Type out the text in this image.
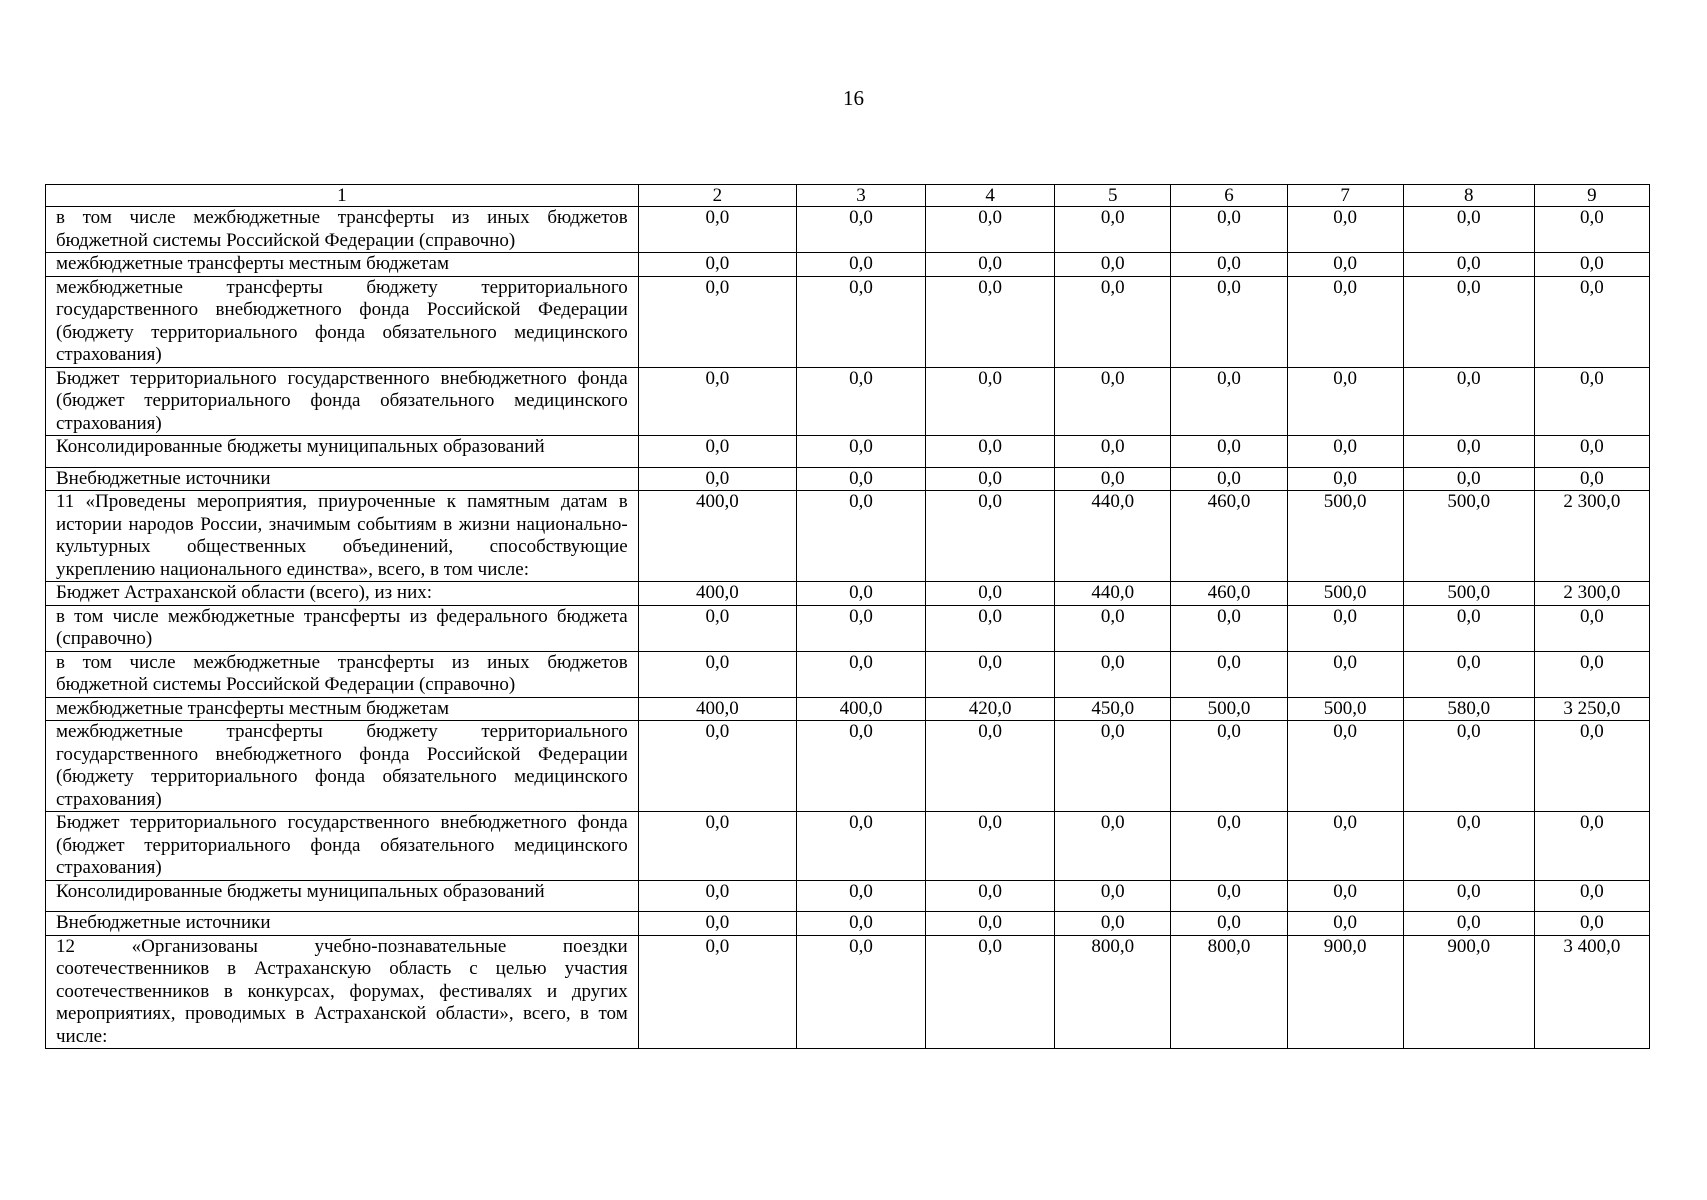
16
1	2	3	4	5	6	7	8	9
в том числе межбюджетные трансферты из иных бюджетов бюджетной системы Российской Федерации (справочно)	0,0	0,0	0,0	0,0	0,0	0,0	0,0	0,0
межбюджетные трансферты местным бюджетам	0,0	0,0	0,0	0,0	0,0	0,0	0,0	0,0
межбюджетные трансферты бюджету территориального государственного внебюджетного фонда Российской Федерации (бюджету территориального фонда обязательного медицинского страхования)	0,0	0,0	0,0	0,0	0,0	0,0	0,0	0,0
Бюджет территориального государственного внебюджетного фонда (бюджет территориального фонда обязательного медицинского страхования)	0,0	0,0	0,0	0,0	0,0	0,0	0,0	0,0
Консолидированные бюджеты муниципальных образований	0,0	0,0	0,0	0,0	0,0	0,0	0,0	0,0
Внебюджетные источники	0,0	0,0	0,0	0,0	0,0	0,0	0,0	0,0
11 «Проведены мероприятия, приуроченные к памятным датам в истории народов России, значимым событиям в жизни национально-культурных общественных объединений, способствующие укреплению национального единства», всего, в том числе:	400,0	0,0	0,0	440,0	460,0	500,0	500,0	2 300,0
Бюджет Астраханской области (всего), из них:	400,0	0,0	0,0	440,0	460,0	500,0	500,0	2 300,0
в том числе межбюджетные трансферты из федерального бюджета (справочно)	0,0	0,0	0,0	0,0	0,0	0,0	0,0	0,0
в том числе межбюджетные трансферты из иных бюджетов бюджетной системы Российской Федерации (справочно)	0,0	0,0	0,0	0,0	0,0	0,0	0,0	0,0
межбюджетные трансферты местным бюджетам	400,0	400,0	420,0	450,0	500,0	500,0	580,0	3 250,0
межбюджетные трансферты бюджету территориального государственного внебюджетного фонда Российской Федерации (бюджету территориального фонда обязательного медицинского страхования)	0,0	0,0	0,0	0,0	0,0	0,0	0,0	0,0
Бюджет территориального государственного внебюджетного фонда (бюджет территориального фонда обязательного медицинского страхования)	0,0	0,0	0,0	0,0	0,0	0,0	0,0	0,0
Консолидированные бюджеты муниципальных образований	0,0	0,0	0,0	0,0	0,0	0,0	0,0	0,0
Внебюджетные источники	0,0	0,0	0,0	0,0	0,0	0,0	0,0	0,0
12 «Организованы учебно-познавательные поездки соотечественников в Астраханскую область с целью участия соотечественников в конкурсах, форумах, фестивалях и других мероприятиях, проводимых в Астраханской области», всего, в том числе:	0,0	0,0	0,0	800,0	800,0	900,0	900,0	3 400,0
